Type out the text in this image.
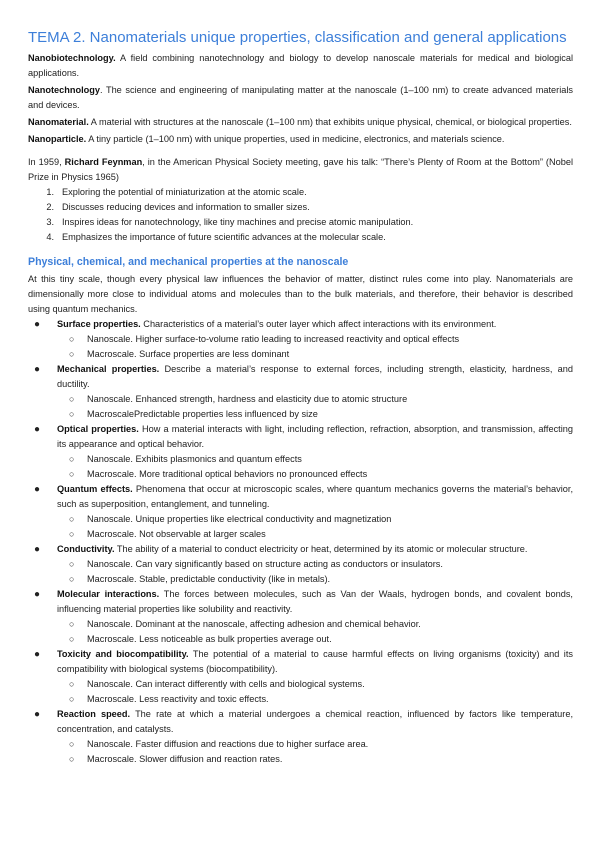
TEMA 2. Nanomaterials unique properties, classification and general applications

Nanobiotechnology. A field combining nanotechnology and biology to develop nanoscale materials for medical and biological applications.

Nanotechnology. The science and engineering of manipulating matter at the nanoscale (1–100 nm) to create advanced materials and devices.

Nanomaterial. A material with structures at the nanoscale (1–100 nm) that exhibits unique physical, chemical, or biological properties.

Nanoparticle. A tiny particle (1–100 nm) with unique properties, used in medicine, electronics, and materials science.

In 1959, Richard Feynman, in the American Physical Society meeting, gave his talk: “There’s Plenty of Room at the Bottom” (Nobel Prize in Physics 1965)

1. Exploring the potential of miniaturization at the atomic scale.
2. Discusses reducing devices and information to smaller sizes.
3. Inspires ideas for nanotechnology, like tiny machines and precise atomic manipulation.
4. Emphasizes the importance of future scientific advances at the molecular scale.
Physical, chemical, and mechanical properties at the nanoscale

At this tiny scale, though every physical law influences the behavior of matter, distinct rules come into play. Nanomaterials are dimensionally more close to individual atoms and molecules than to the bulk materials, and therefore, their behavior is described using quantum mechanics.

● Surface properties. Characteristics of a material’s outer layer which affect interactions with its environment.
○ Nanoscale. Higher surface-to-volume ratio leading to increased reactivity and optical effects
○ Macroscale. Surface properties are less dominant
● Mechanical properties. Describe a material’s response to external forces, including strength, elasticity, hardness, and ductility.
○ Nanoscale. Enhanced strength, hardness and elasticity due to atomic structure
○ MacroscalePredictable properties less influenced by size
● Optical properties. How a material interacts with light, including reflection, refraction, absorption, and transmission, affecting its appearance and optical behavior.
○ Nanoscale. Exhibits plasmonics and quantum effects
○ Macroscale. More traditional optical behaviors no pronounced effects
● Quantum effects. Phenomena that occur at microscopic scales, where quantum mechanics governs the material’s behavior, such as superposition, entanglement, and tunneling.
○ Nanoscale. Unique properties like electrical conductivity and magnetization
○ Macroscale. Not observable at larger scales
● Conductivity. The ability of a material to conduct electricity or heat, determined by its atomic or molecular structure.
○ Nanoscale. Can vary significantly based on structure acting as conductors or insulators.
○ Macroscale. Stable, predictable conductivity (like in metals).
● Molecular interactions. The forces between molecules, such as Van der Waals, hydrogen bonds, and covalent bonds, influencing material properties like solubility and reactivity.
○ Nanoscale. Dominant at the nanoscale, affecting adhesion and chemical behavior.
○ Macroscale. Less noticeable as bulk properties average out.
● Toxicity and biocompatibility. The potential of a material to cause harmful effects on living organisms (toxicity) and its compatibility with biological systems (biocompatibility).
○ Nanoscale. Can interact differently with cells and biological systems.
○ Macroscale. Less reactivity and toxic effects.
● Reaction speed. The rate at which a material undergoes a chemical reaction, influenced by factors like temperature, concentration, and catalysts.
○ Nanoscale. Faster diffusion and reactions due to higher surface area.
○ Macroscale. Slower diffusion and reaction rates.
